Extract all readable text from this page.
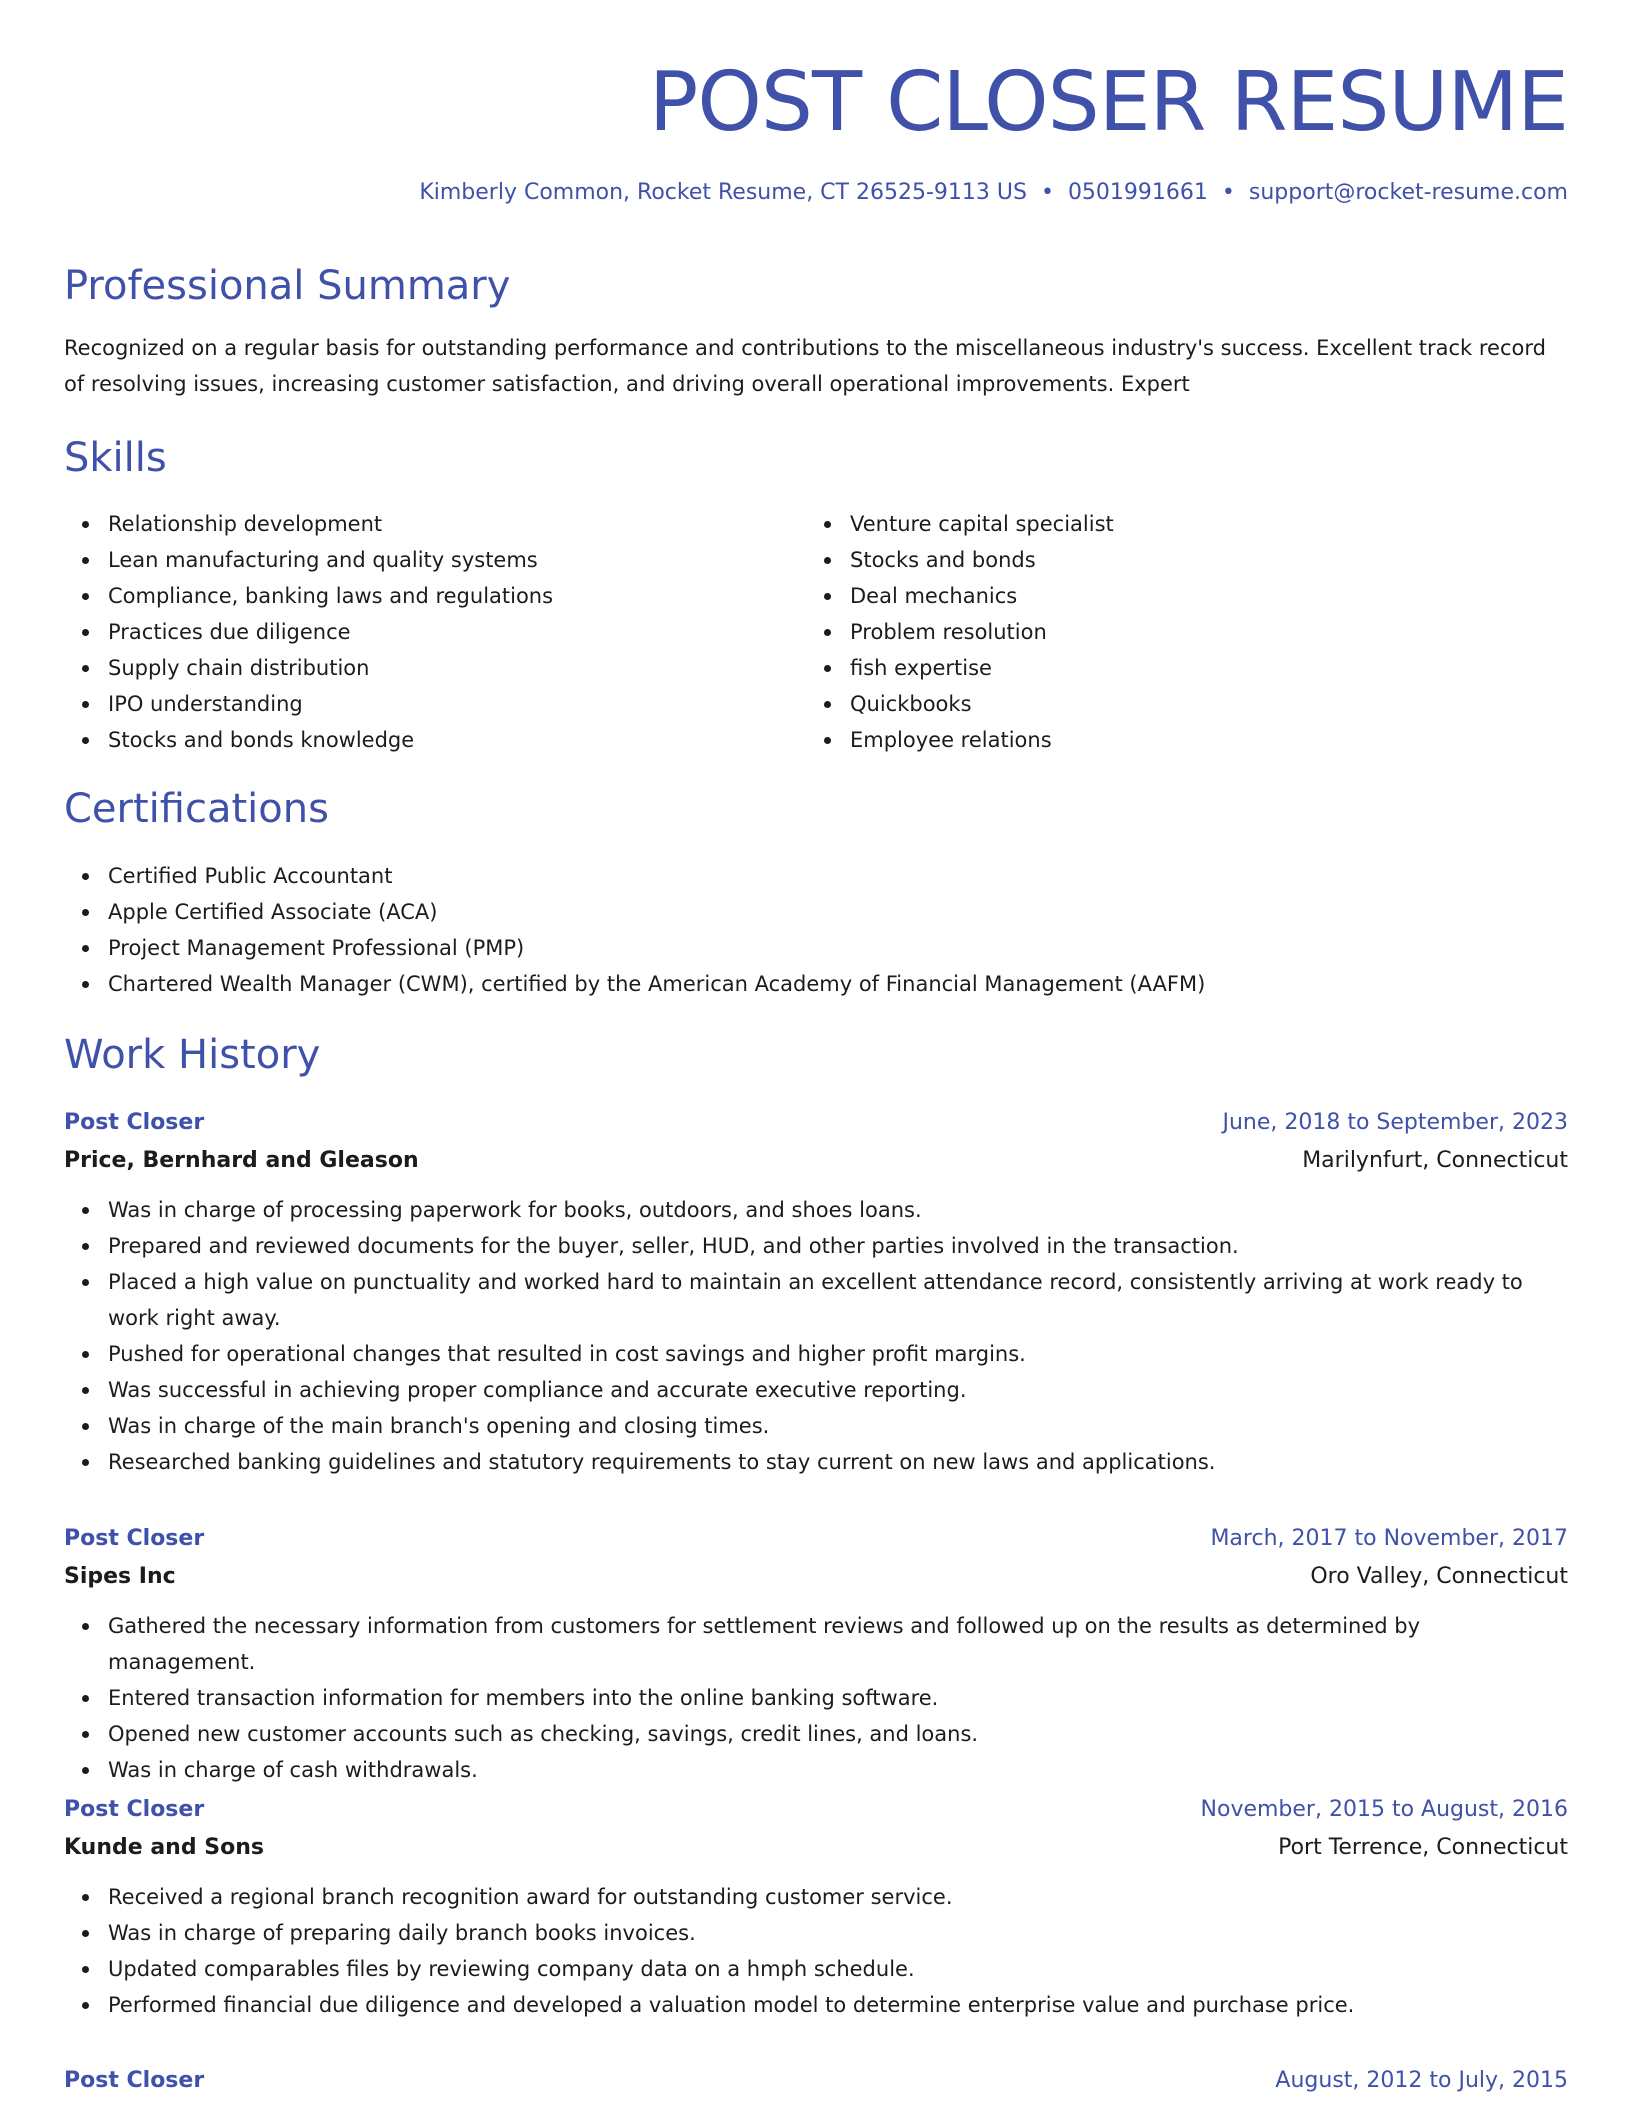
POST CLOSER RESUME
Kimberly Common, Rocket Resume, CT 26525-9113 US • 0501991661 • support@rocket-resume.com
Professional Summary

Recognized on a regular basis for outstanding performance and contributions to the miscellaneous industry's success. Excellent track record of resolving issues, increasing customer satisfaction, and driving overall operational improvements. Expert

Skills
Relationship development
Lean manufacturing and quality systems
Compliance, banking laws and regulations
Practices due diligence
Supply chain distribution
IPO understanding
Stocks and bonds knowledge
Venture capital specialist
Stocks and bonds
Deal mechanics
Problem resolution
fish expertise
Quickbooks
Employee relations
Certifications
Certified Public Accountant
Apple Certified Associate (ACA)
Project Management Professional (PMP)
Chartered Wealth Manager (CWM), certified by the American Academy of Financial Management (AAFM)
Work History
Post Closer	June, 2018 to September, 2023
Price, Bernhard and Gleason	Marilynfurt, Connecticut
Was in charge of processing paperwork for books, outdoors, and shoes loans.
Prepared and reviewed documents for the buyer, seller, HUD, and other parties involved in the transaction.
Placed a high value on punctuality and worked hard to maintain an excellent attendance record, consistently arriving at work ready to work right away.
Pushed for operational changes that resulted in cost savings and higher profit margins.
Was successful in achieving proper compliance and accurate executive reporting.
Was in charge of the main branch's opening and closing times.
Researched banking guidelines and statutory requirements to stay current on new laws and applications.
Post Closer	March, 2017 to November, 2017
Sipes Inc	Oro Valley, Connecticut
Gathered the necessary information from customers for settlement reviews and followed up on the results as determined by management.
Entered transaction information for members into the online banking software.
Opened new customer accounts such as checking, savings, credit lines, and loans.
Was in charge of cash withdrawals.
Post Closer	November, 2015 to August, 2016
Kunde and Sons	Port Terrence, Connecticut
Received a regional branch recognition award for outstanding customer service.
Was in charge of preparing daily branch books invoices.
Updated comparables files by reviewing company data on a hmph schedule.
Performed financial due diligence and developed a valuation model to determine enterprise value and purchase price.
Post Closer	August, 2012 to July, 2015
